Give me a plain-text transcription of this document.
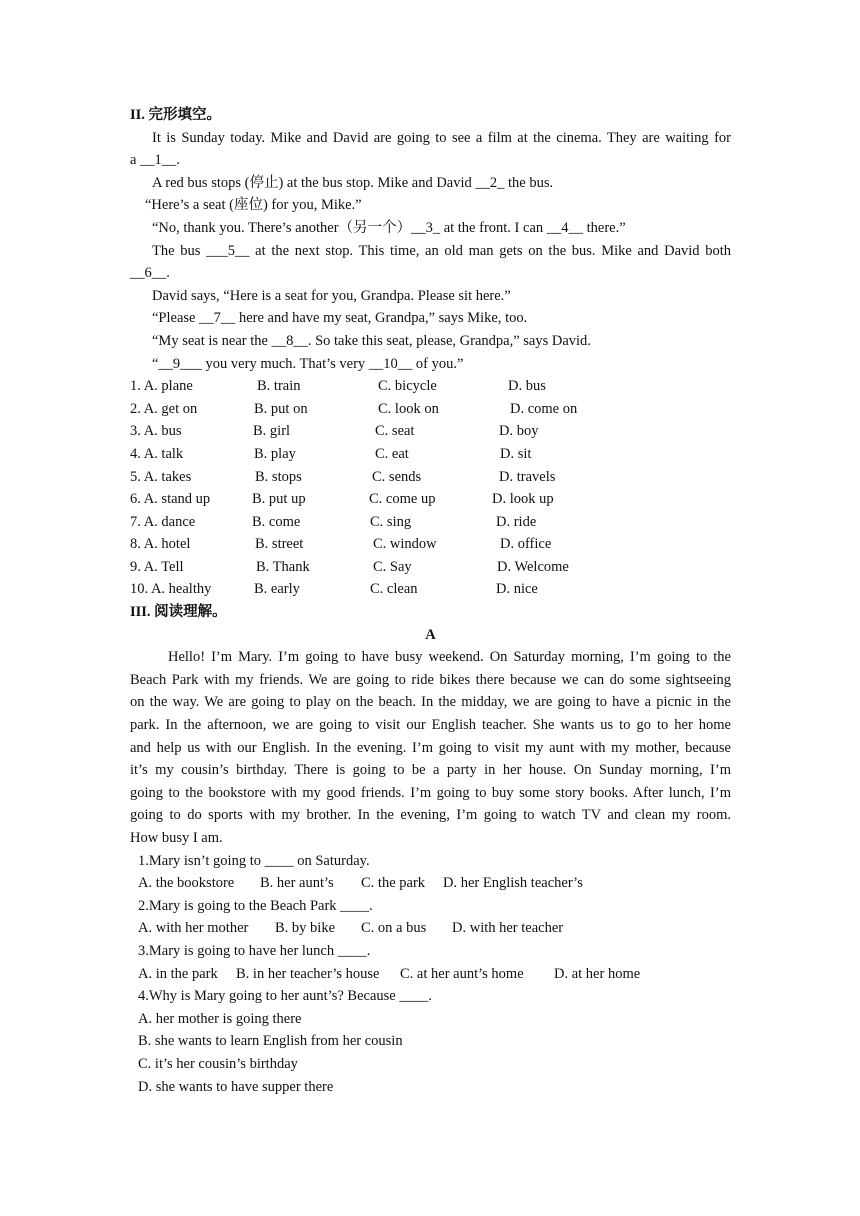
II. 完形填空。
It is Sunday today. Mike and David are going to see a film at the cinema. They are waiting for
a __1__.
A red bus stops (停止) at the bus stop. Mike and David __2_ the bus.
“Here’s a seat (座位) for you, Mike.”
“No, thank you. There’s another（另一个）__3_ at the front. I can __4__ there.”
The bus ___5__ at the next stop. This time, an old man gets on the bus. Mike and David both
__6__.
David says, “Here is a seat for you, Grandpa. Please sit here.”
“Please __7__ here and have my seat, Grandpa,” says Mike, too.
“My seat is near the __8__. So take this seat, please, Grandpa,” says David.
“__9___ you very much. That’s very __10__ of you.”
1. A. plane	B. train	C. bicycle	D. bus
2. A. get on	B. put on	C. look on	D. come on
3. A. bus	B. girl	C. seat	D. boy
4. A. talk	B. play	C. eat	D. sit
5. A. takes	B. stops	C. sends	D. travels
6. A. stand up	B. put up	C. come up	D. look up
7. A. dance	B. come	C. sing	D. ride
8. A. hotel	B. street	C. window	D. office
9. A. Tell	B. Thank	C. Say	D. Welcome
10. A. healthy	B. early	C. clean	D. nice
III. 阅读理解。
A
Hello! I’m Mary. I’m going to have busy weekend. On Saturday morning, I’m going to the
Beach Park with my friends. We are going to ride bikes there because we can do some sightseeing
on the way. We are going to play on the beach. In the midday, we are going to have a picnic in the
park. In the afternoon, we are going to visit our English teacher. She wants us to go to her home
and help us with our English. In the evening. I’m going to visit my aunt with my mother, because
it’s my cousin’s birthday. There is going to be a party in her house. On Sunday morning, I’m
going to the bookstore with my good friends. I’m going to buy some story books. After lunch, I’m
going to do sports with my brother. In the evening, I’m going to watch TV and clean my room.
How busy I am.
1.Mary isn’t going to ____ on Saturday.
A. the bookstore B. her aunt’s C. the park D. her English teacher’s
2.Mary is going to the Beach Park ____.
A. with her mother B. by bike C. on a bus D. with her teacher
3.Mary is going to have her lunch ____.
A. in the park B. in her teacher’s house C. at her aunt’s home D. at her home
4.Why is Mary going to her aunt’s? Because ____.
A. her mother is going there
B. she wants to learn English from her cousin
C. it’s her cousin’s birthday
D. she wants to have supper there
